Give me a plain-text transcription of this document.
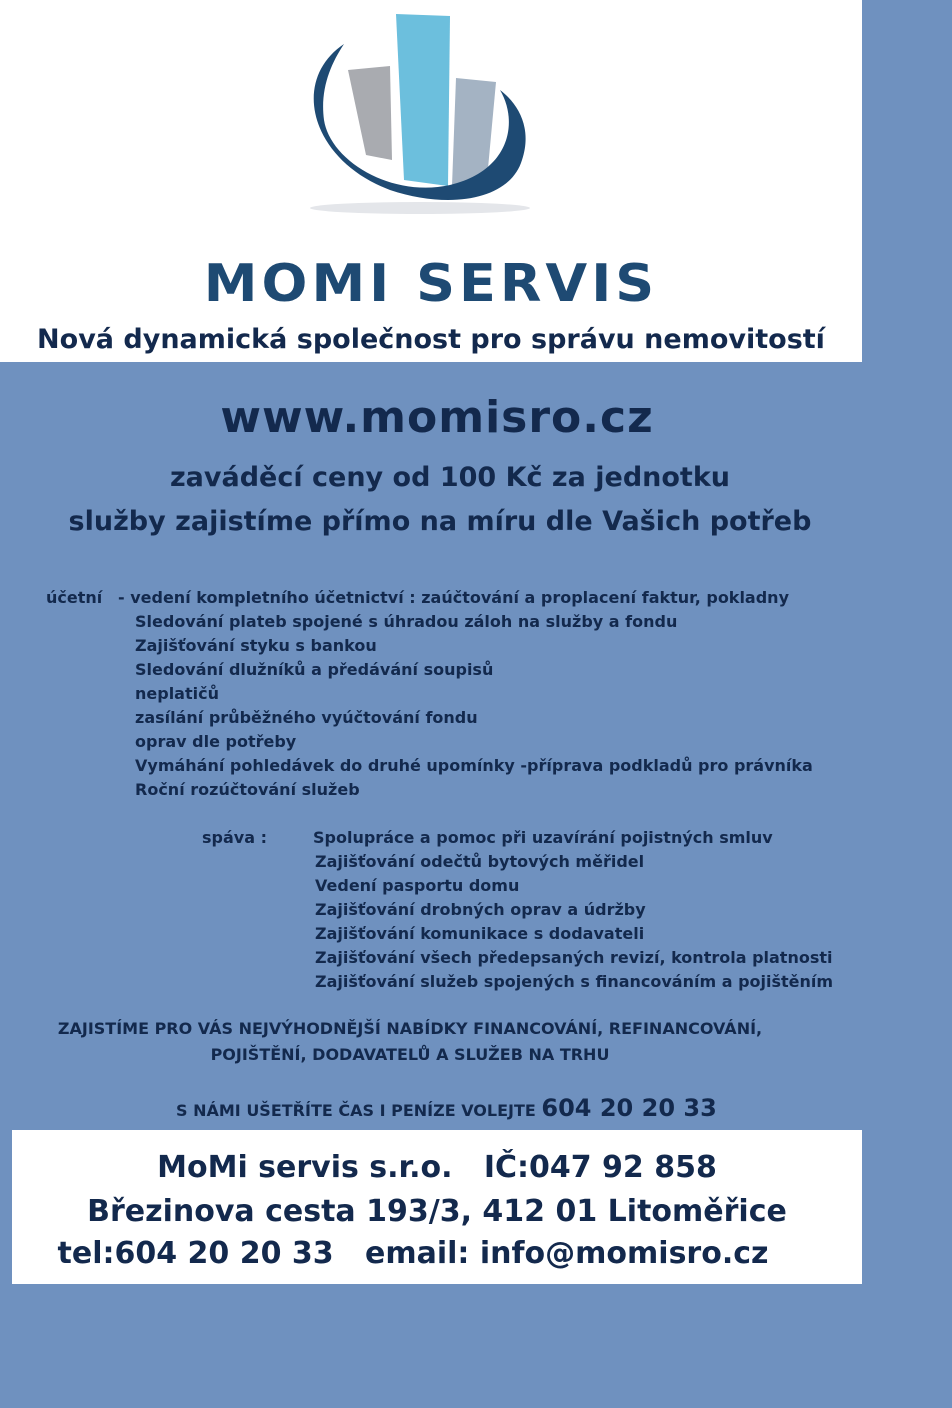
MOMI SERVIS
Nová dynamická společnost pro správu nemovitostí
www.momisro.cz
zaváděcí ceny od 100 Kč za jednotku
služby zajistíme přímo na míru dle Vašich potřeb
účetní - vedení kompletního účetnictví : zaúčtování a proplacení faktur, pokladny
Sledování plateb spojené s úhradou záloh na služby a fondu
Zajišťování styku s bankou
Sledování dlužníků a předávání soupisů
neplatičů
zasílání průběžného vyúčtování fondu
oprav dle potřeby
Vymáhání pohledávek do druhé upomínky -příprava podkladů pro právníka
Roční rozúčtování služeb
spáva :	Spolupráce a pomoc při uzavírání pojistných smluv
Zajišťování odečtů bytových měřidel
Vedení pasportu domu
Zajišťování drobných oprav a údržby
Zajišťování komunikace s dodavateli
Zajišťování všech předepsaných revizí, kontrola platnosti
Zajišťování služeb spojených s financováním a pojištěním
ZAJISTÍME PRO VÁS NEJVÝHODNĚJŠÍ NABÍDKY FINANCOVÁNÍ, REFINANCOVÁNÍ,
POJIŠTĚNÍ, DODAVATELŮ A SLUŽEB NA TRHU
S NÁMI UŠETŘÍTE ČAS I PENÍZE VOLEJTE 604 20 20 33
MoMi servis s.r.o.   IČ:047 92 858
Březinova cesta 193/3, 412 01 Litoměřice
tel:604 20 20 33   email: info@momisro.cz
